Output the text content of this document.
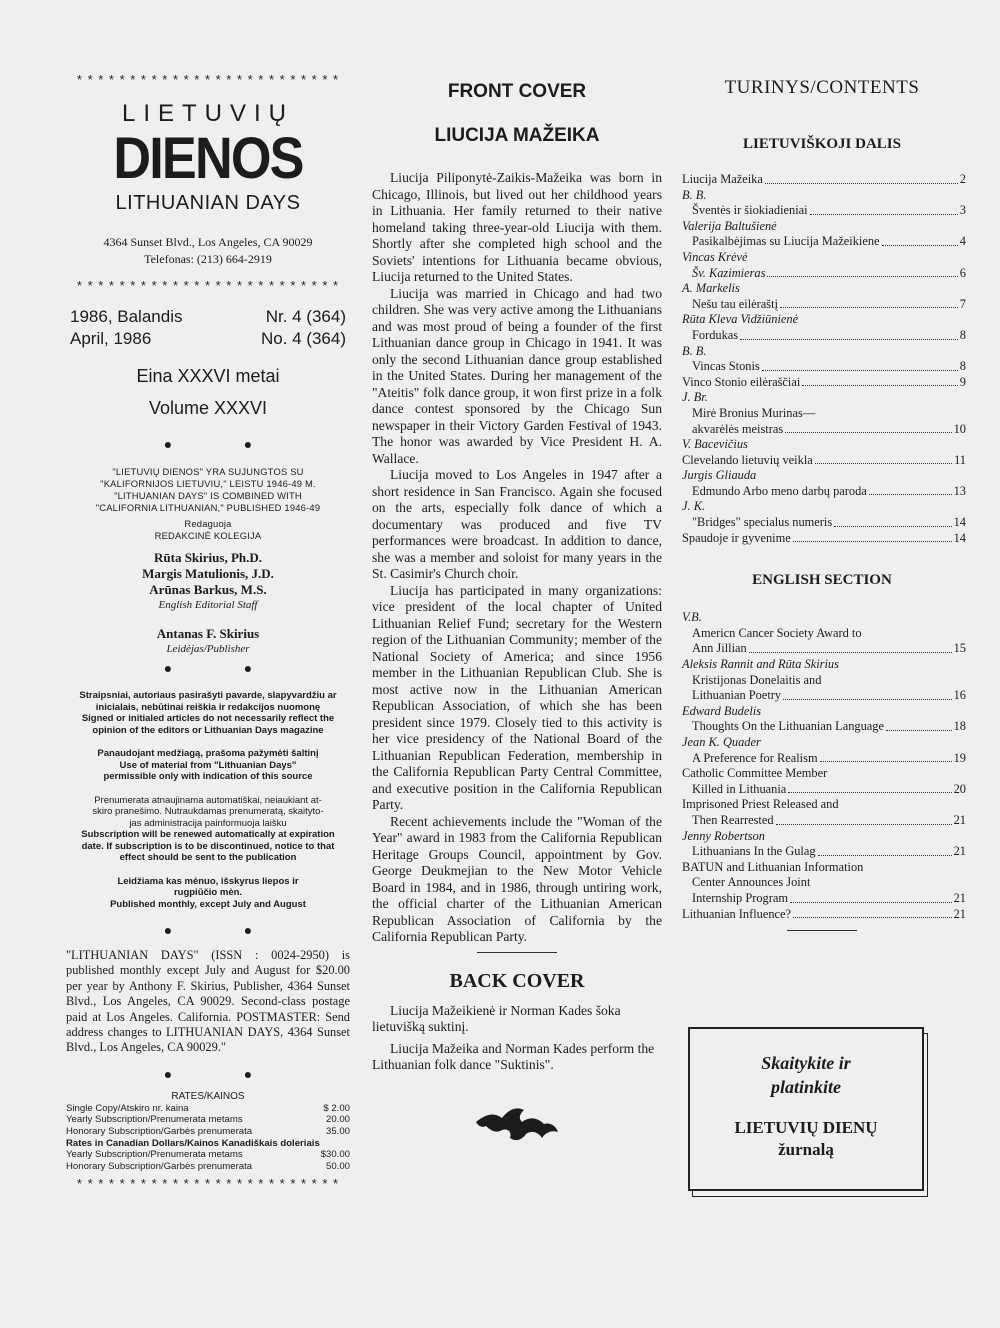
* * * * * * * * * * * * * * * * * * * * * * * * *
LIETUVIŲ
DIENOS
LITHUANIAN DAYS
4364 Sunset Blvd., Los Angeles, CA 90029
Telefonas: (213) 664-2919
* * * * * * * * * * * * * * * * * * * * * * * * *
1986, Balandis	Nr. 4 (364)
April, 1986	No. 4 (364)
Eina XXXVI metai
Volume XXXVI
● ●
"LIETUVIŲ DIENOS" YRA SUJUNGTOS SU
"KALIFORNIJOS LIETUVIU," LEISTU 1946-49 M.
"LITHUANIAN DAYS" IS COMBINED WITH
"CALIFORNIA LITHUANIAN," PUBLISHED 1946-49
Redaguoja
REDAKCINĖ KOLEGIJA
Rūta Skirius, Ph.D.
Margis Matulionis, J.D.
Arūnas Barkus, M.S.
English Editorial Staff
Antanas F. Skirius
Leidėjas/Publisher
● ●
Straipsniai, autoriaus pasirašyti pavarde, slapyvardžiu ar
inicialais, nebūtinai reiškia ir redakcijos nuomonę
Signed or initialed articles do not necessarily reflect the
opinion of the editors or Lithuanian Days magazine
Panaudojant medžiagą, prašoma pažymėti šaltinį
Use of material from "Lithuanian Days"
permissible only with indication of this source
Prenumerata atnaujinama automatiškai, neiaukiant at-
skiro pranešimo. Nutraukdamas prenumeratą, skaityto-
jas administracija painformuoja laišku
Subscription will be renewed automatically at expiration
date. If subscription is to be discontinued, notice to that
effect should be sent to the publication
Leidžiama kas mėnuo, išskyrus liepos ir
rugpiūčio mėn.
Published monthly, except July and August
● ●
"LITHUANIAN DAYS" (ISSN : 0024-2950) is published monthly except July and August for $20.00 per year by Anthony F. Skirius, Publisher, 4364 Sunset Blvd., Los Angeles, CA 90029. Second-class postage paid at Los Angeles. California. POSTMASTER: Send address changes to LITHUANIAN DAYS, 4364 Sunset Blvd., Los Angeles, CA 90029."
● ●
RATES/KAINOS
Single Copy/Atskiro nr. kaina	$ 2.00
Yearly Subscription/Prenumerata metams	20.00
Honorary Subscription/Garbės prenumerata	35.00
Rates in Canadian Dollars/Kainos Kanadiškais doleriais
Yearly Subscription/Prenumerata metams	$30.00
Honorary Subscription/Garbės prenumerata	50.00
* * * * * * * * * * * * * * * * * * * * * * * * *
FRONT COVER
LIUCIJA MAŽEIKA

Liucija Piliponytė-Zaikis-Mažeika was born in Chicago, Illinois, but lived out her childhood years in Lithuania. Her family returned to their native homeland taking three-year-old Liucija with them. Shortly after she completed high school and the Soviets' intentions for Lithuania became obvious, Liucija returned to the United States.

Liucija was married in Chicago and had two children. She was very active among the Lithuanians and was most proud of being a founder of the first Lithuanian dance group in Chicago in 1941. It was only the second Lithuanian dance group established in the United States. During her management of the "Ateitis" folk dance group, it won first prize in a folk dance contest sponsored by the Chicago Sun newspaper in their Victory Garden Festival of 1943. The honor was awarded by Vice President H. A. Wallace.

Liucija moved to Los Angeles in 1947 after a short residence in San Francisco. Again she focused on the arts, especially folk dance of which a documentary was produced and five TV performances were broadcast. In addition to dance, she was a member and soloist for many years in the St. Casimir's Church choir.

Liucija has participated in many organizations: vice president of the local chapter of United Lithuanian Relief Fund; secretary for the Western region of the Lithuanian Community; member of the National Society of America; and since 1956 member in the Lithuanian Republican Club. She is most active now in the Lithuanian American Republican Association, of which she has been president since 1979. Closely tied to this activity is her vice presidency of the National Board of the Lithuanian Republican Federation, membership in the California Republican Party Central Committee, and executive position in the California Republican Party.

Recent achievements include the "Woman of the Year" award in 1983 from the California Republican Heritage Groups Council, appointment by Gov. George Deukmejian to the New Motor Vehicle Board in 1984, and in 1986, through untiring work, the official charter of the Lithuanian American Republican Association of California by the California Republican Party.

BACK COVER

Liucija Mažeikienė ir Norman Kades šoka lietuvišką suktinį.

Liucija Mažeika and Norman Kades perform the Lithuanian folk dance "Suktinis".

TURINYS/CONTENTS
LIETUVIŠKOJI DALIS
Liucija Mažeika	2
B. B.
Šventės ir šiokiadieniai	3
Valerija Baltušienė
Pasikalbėjimas su Liucija Mažeikiene	4
Vincas Krėvė
Šv. Kazimieras	6
A. Markelis
Nešu tau eilėraštį	7
Rūta Kleva Vidžiūnienė
Fordukas	8
B. B.
Vincas Stonis	8
Vinco Stonio eilėraščiai	9
J. Br.
Mirė Bronius Murinas—
akvarėlės meistras	10
V. Bacevičius
Clevelando lietuvių veikla	11
Jurgis Gliauda
Edmundo Arbo meno darbų paroda	13
J. K.
"Bridges" specialus numeris	14
Spaudoje ir gyvenime	14
ENGLISH SECTION
V.B.
Americn Cancer Society Award to
Ann Jillian	15
Aleksis Rannit and Rūta Skirius
Kristijonas Donelaitis and
Lithuanian Poetry	16
Edward Budelis
Thoughts On the Lithuanian Language	18
Jean K. Quader
A Preference for Realism	19
Catholic Committee Member
Killed in Lithuania	20
Imprisoned Priest Released and
Then Rearrested	21
Jenny Robertson
Lithuanians In the Gulag	21
BATUN and Lithuanian Information
Center Announces Joint
Internship Program	21
Lithuanian Influence?	21
Skaitykite ir
platinkite
LIETUVIŲ DIENŲ
žurnalą
